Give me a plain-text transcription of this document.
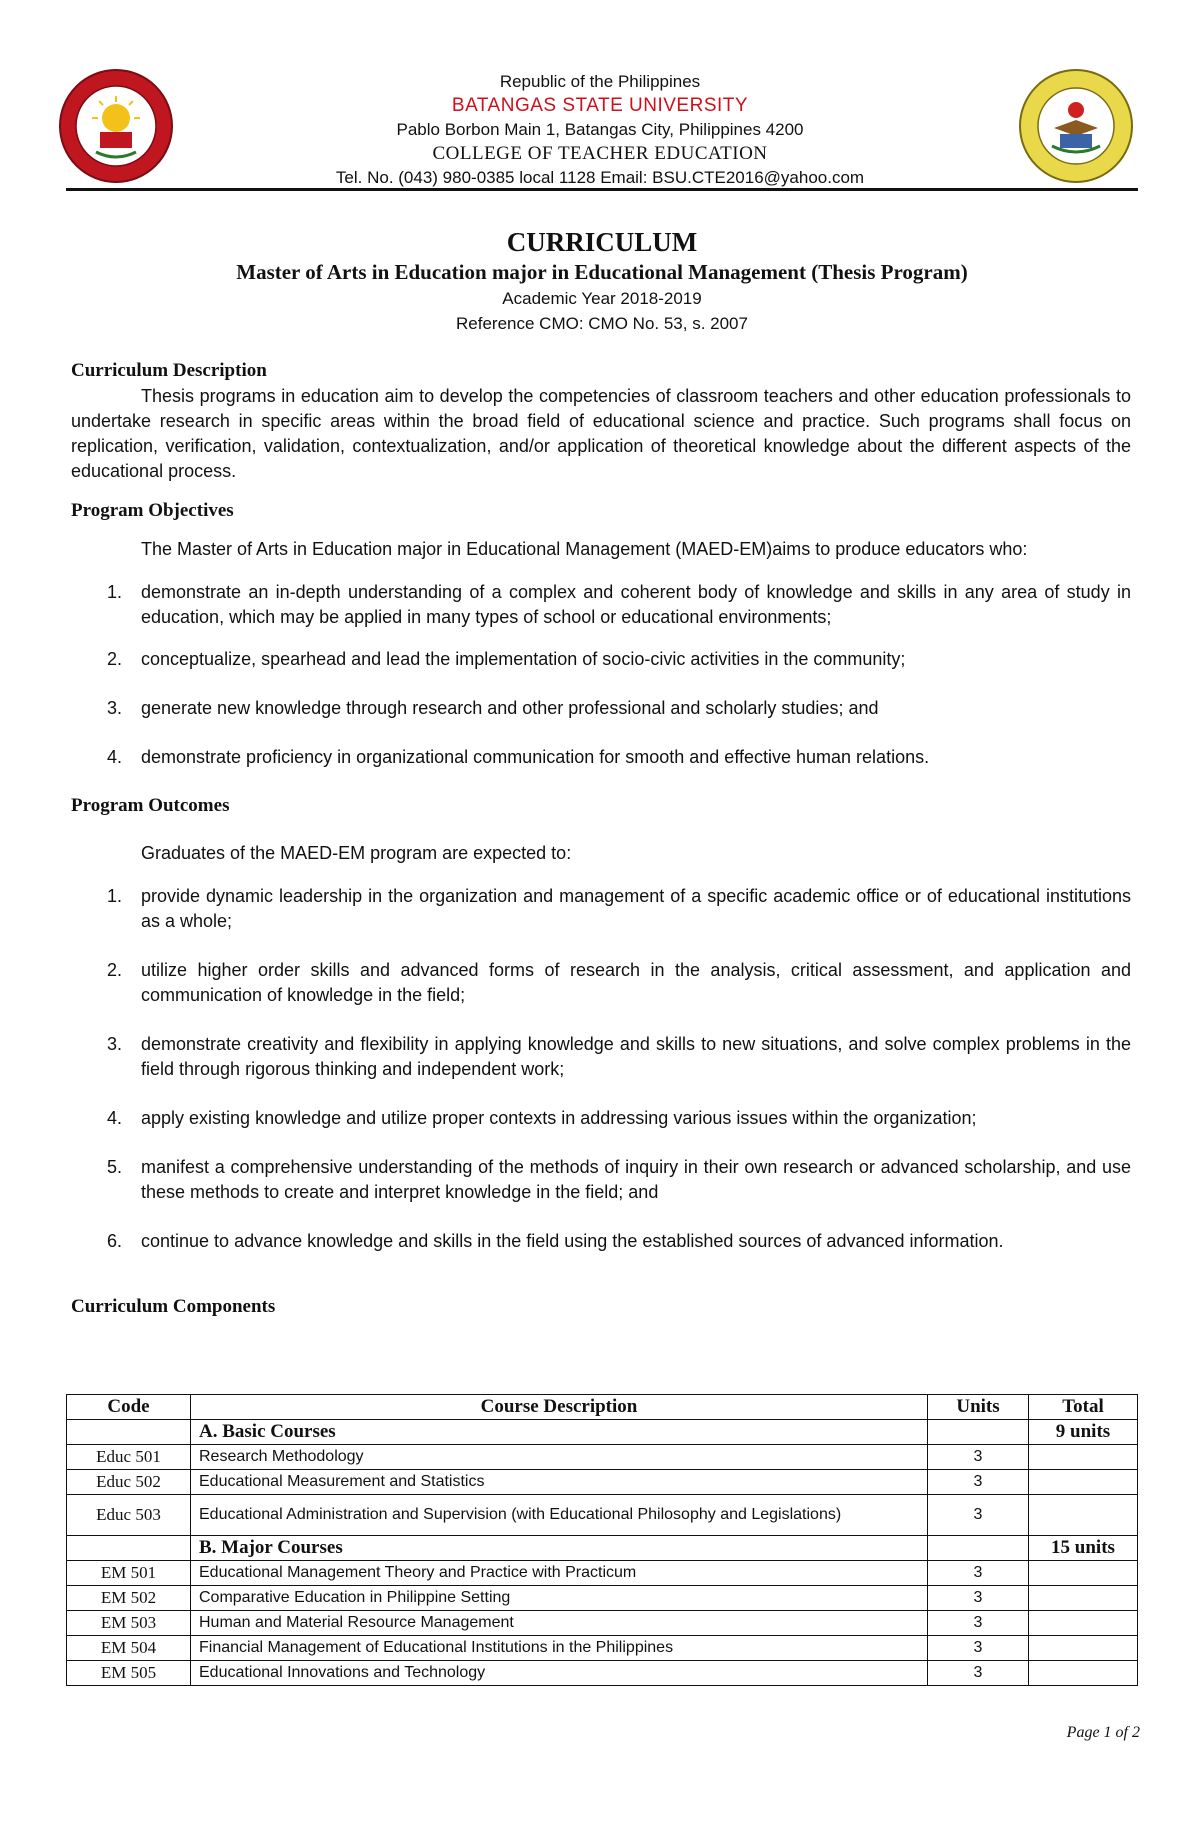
Republic of the Philippines

BATANGAS STATE UNIVERSITY

Pablo Borbon Main 1, Batangas City, Philippines 4200

COLLEGE OF TEACHER EDUCATION

Tel. No. (043) 980-0385 local 1128 Email: BSU.CTE2016@yahoo.com

CURRICULUM

Master of Arts in Education major in Educational Management (Thesis Program)

Academic Year 2018-2019

Reference CMO: CMO No. 53, s. 2007

Curriculum Description

Thesis programs in education aim to develop the competencies of classroom teachers and other education professionals to undertake research in specific areas within the broad field of educational science and practice. Such programs shall focus on replication, verification, validation, contextualization, and/or application of theoretical knowledge about the different aspects of the educational process.

Program Objectives

The Master of Arts in Education major in Educational Management (MAED-EM)aims to produce educators who:

1. demonstrate an in-depth understanding of a complex and coherent body of knowledge and skills in any area of study in education, which may be applied in many types of school or educational environments;
2. conceptualize, spearhead and lead the implementation of socio-civic activities in the community;
3. generate new knowledge through research and other professional and scholarly studies; and
4. demonstrate proficiency in organizational communication for smooth and effective human relations.

Program Outcomes

Graduates of the MAED-EM program are expected to:

1. provide dynamic leadership in the organization and management of a specific academic office or of educational institutions as a whole;
2. utilize higher order skills and advanced forms of research in the analysis, critical assessment, and application and communication of knowledge in the field;
3. demonstrate creativity and flexibility in applying knowledge and skills to new situations, and solve complex problems in the field through rigorous thinking and independent work;
4. apply existing knowledge and utilize proper contexts in addressing various issues within the organization;
5. manifest a comprehensive understanding of the methods of inquiry in their own research or advanced scholarship, and use these methods to create and interpret knowledge in the field; and
6. continue to advance knowledge and skills in the field using the established sources of advanced information.

Curriculum Components

Code	Course Description	Units	Total
	A. Basic Courses		9 units
Educ 501	Research Methodology	3	
Educ 502	Educational Measurement and Statistics	3	
Educ 503	Educational Administration and Supervision (with Educational Philosophy and Legislations)	3	
	B. Major Courses		15 units
EM 501	Educational Management Theory and Practice with Practicum	3	
EM 502	Comparative Education in Philippine Setting	3	
EM 503	Human and Material Resource Management	3	
EM 504	Financial Management of Educational Institutions in the Philippines	3	
EM 505	Educational Innovations and Technology	3	
Page 1 of 2
